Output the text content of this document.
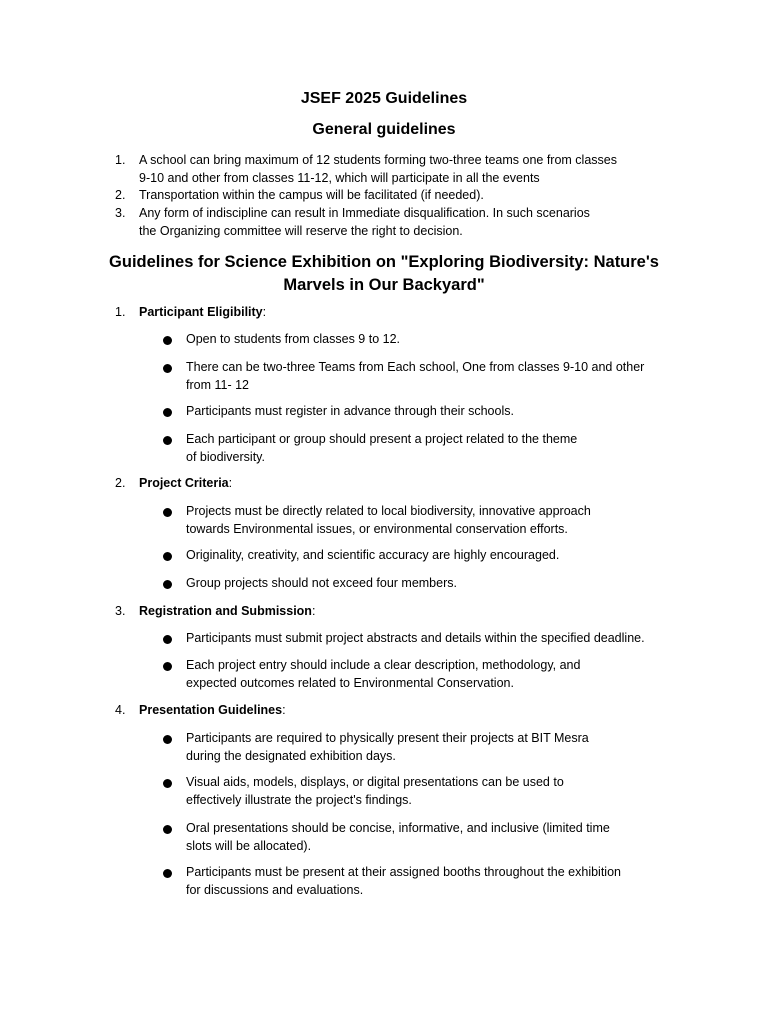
JSEF 2025 Guidelines
General guidelines
1.	A school can bring maximum of 12 students forming two-three teams one from classes
9-10 and other from classes 11-12, which will participate in all the events
2.	Transportation within the campus will be facilitated (if needed).
3.	Any form of indiscipline can result in Immediate disqualification. In such scenarios
the Organizing committee will reserve the right to decision.
Guidelines for Science Exhibition on "Exploring Biodiversity: Nature's
Marvels in Our Backyard"
1. Participant Eligibility:
Open to students from classes 9 to 12.
There can be two-three Teams from Each school, One from classes 9-10 and other
from 11- 12
Participants must register in advance through their schools.
Each participant or group should present a project related to the theme
of biodiversity.
2. Project Criteria:
Projects must be directly related to local biodiversity, innovative approach
towards Environmental issues, or environmental conservation efforts.
Originality, creativity, and scientific accuracy are highly encouraged.
Group projects should not exceed four members.
3. Registration and Submission:
Participants must submit project abstracts and details within the specified deadline.
Each project entry should include a clear description, methodology, and
expected outcomes related to Environmental Conservation.
4. Presentation Guidelines:
Participants are required to physically present their projects at BIT Mesra
during the designated exhibition days.
Visual aids, models, displays, or digital presentations can be used to
effectively illustrate the project's findings.
Oral presentations should be concise, informative, and inclusive (limited time
slots will be allocated).
Participants must be present at their assigned booths throughout the exhibition
for discussions and evaluations.
